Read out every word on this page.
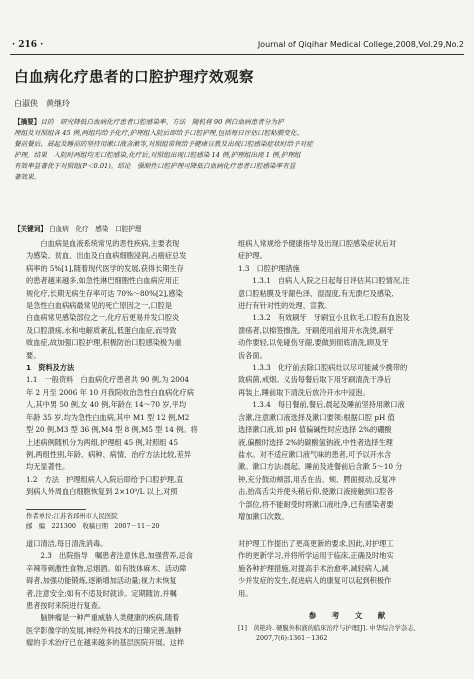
· 216 ·	Journal of Qiqihar Medical College,2008,Vol.29,No.2
白血病化疗患者的口腔护理疗效观察
白淑侠　黄继玲
【摘要】目的　研究降低白血病化疗患者口腔感染率。方法　随机将 90 例白血病患者分为护
理组及对照组各 45 例,两组均给予化疗,护理组入院后即给予口腔护理,包括每日评估口腔粘膜变化、
餐前餐后、晨起及睡前的坚持用漱口液含漱等,对照组常规给予健康宣教及出现口腔感染症状时给予对症
护理。结果　入院时两组均无口腔感染,化疗后,对照组出现口腔感染 14 例,护理组出现 1 例,护理组
有效率显著优于对照组(P＜0.01)。结论　强制性口腔护理可降低白血病化疗患者口腔感染率有显
著效果。
【关键词】 白血病　化疗　感染　口腔护理

白血病是血液系统常见的恶性疾病,主要表现

为感染、贫血、出血及白血病细胞浸润,占癌症总发

病率的 5%[1],随着现代医学的发展,获得长期生存

的患者越来越多,如急性淋巴细胞性白血病应用正

规化疗,长期无病生存率可达 70%～80%[2],感染

是急性白血病病最常见的死亡原因之一,口腔是

白血病常见感染部位之一,化疗后更易并发口腔炎

及口腔溃疡,水和电解质紊乱,低蛋白血症,而导致

败血症,故加强口腔护理,积极防治口腔感染极为重

要。

1　资料及方法

1.1　一般资料　白血病化疗患者共 90 例,为 2004

年 2 月至 2006 年 10 月我院收治急性白血病化疗病

人,其中男 50 例,女 40 例,年龄在 14～70 岁,平均

年龄 35 岁,均为急性白血病,其中 M1 型 12 例,M2

型 20 例,M3 型 36 例,M4 型 8 例,M5 型 14 例。将

上述病例随机分为两组,护理组 45 例,对照组 45

例,两组性别,年龄、病种、病情、治疗方法比较,差异

均无显著性。

1.2　方法　护理组病人入院后即给予口腔护理,直

到病人外周血白细胞恢复到 2×10⁹/L 以上,对照

组病人常规给予健康指导及出现口腔感染症状后对

症护理。

1.3　口腔护理措施

1.3.1　自病人入院之日起每日评估其口腔情况,注

意口腔粘膜及牙龈色泽、湿湿度,有无溃烂及感染,

进行有针对性的处理、宣教。

1.3.2　有效刷牙　牙刷宜小且软毛,口腔有血泡及

溃疡者,以棉签擦洗。牙刷使用前用开水洗烫,刷牙

动作要轻,以免碰伤牙龈,要做到彻底清洗,顾及牙

齿各面。

1.3.3　化疗前去除口腔病灶以尽可能减少携带的

致病菌,戒烟。义齿每餐后取下用牙刷清洗干净后

再装上,睡前取下清洗后放冷开水中浸泡。

1.3.4　每日餐前,餐后,晨起及睡前坚持用漱口液

含漱,注意漱口液选择及漱口要领:根据口腔 pH 值

选择漱口液,如 pH 值偏碱性时应选择 2%的硼酸

液,偏酸时选择 2%的碳酸氢钠液,中性者选择生理

盐水。对不适应漱口液气味的患者,可予以开水含

漱。漱口方法:晨起、睡前及进餐前后含漱 5～10 分

钟,充分鼓动颊部,用舌在齿、颊、腭面搅动,反复冲

击,抬高舌尖并使头稍后仰,使漱口液接触到口腔各

个部位,将不能耐受时将漱口液吐净,已有感染者要

增加漱口次数。

作者单位:江苏省邳州市人民医院
邮　编　221300　收稿日期　2007－11－20

道口清洁,每日清洗消毒。

2.3　出院指导　嘱患者注意休息,加强营养,忌食

辛辣等刺激性食物,忌烟酒。如有肢体麻木、活动障

碍者,加强功能锻炼,逐渐增加活动量;视力未恢复

者,注意安全;如有不适及时就诊。定期随访,并嘱

患者按时来院进行复查。

脑肿瘤是一种严重威胁人类健康的疾病,随着

医学影像学的发展,神经外科技术的日臻完善,脑肿

瘤的手术治疗已在越来越多的基层医院开展。这样

对护理工作提出了更高更新的要求,因此,对护理工

作的更新学习,并将所学运用于临床,正确及时地实

施各种护理措施,对提高手术治愈率,减轻病人,减

少并发症的发生,促进病人的康复可以起到积极作

用。

参　考　文　献
[1]　黄艳玲. 硬膜外积液的临床治疗与护理[J]. 中华综合学杂志,
2007,7(6):1361－1362
